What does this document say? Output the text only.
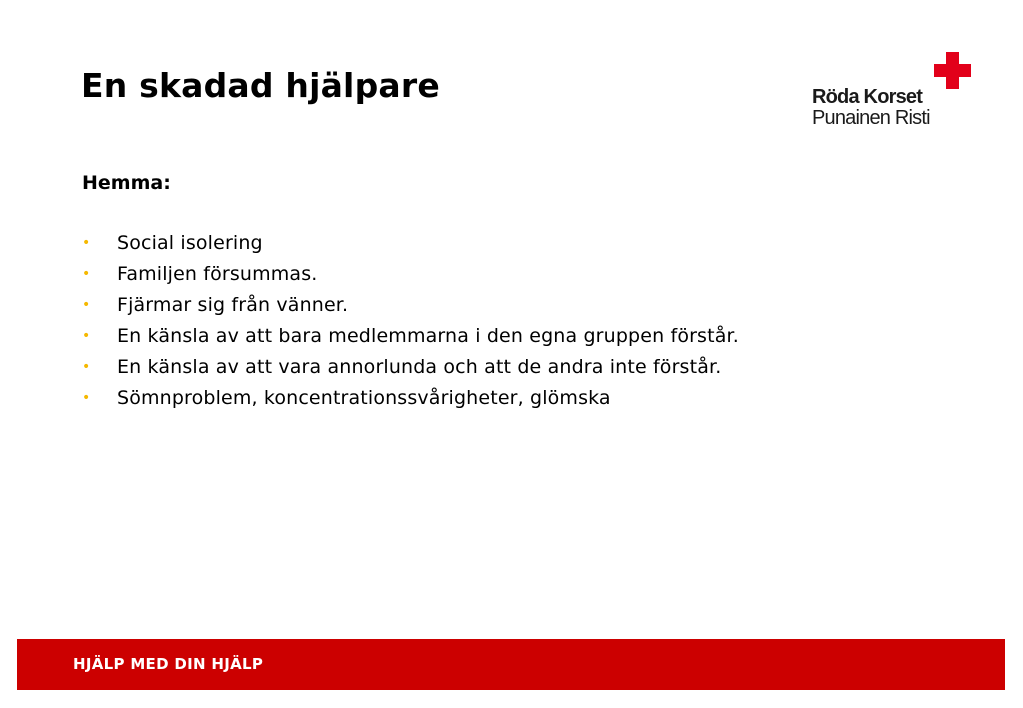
En skadad hjälpare	Röda Korset
Punainen Risti
Hemma:
•	Social isolering
•	Familjen försummas.
•	Fjärmar sig från vänner.
•	En känsla av att bara medlemmarna i den egna gruppen förstår.
•	En känsla av att vara annorlunda och att de andra inte förstår.
•	Sömnproblem, koncentrationssvårigheter, glömska
HJÄLP MED DIN HJÄLP
